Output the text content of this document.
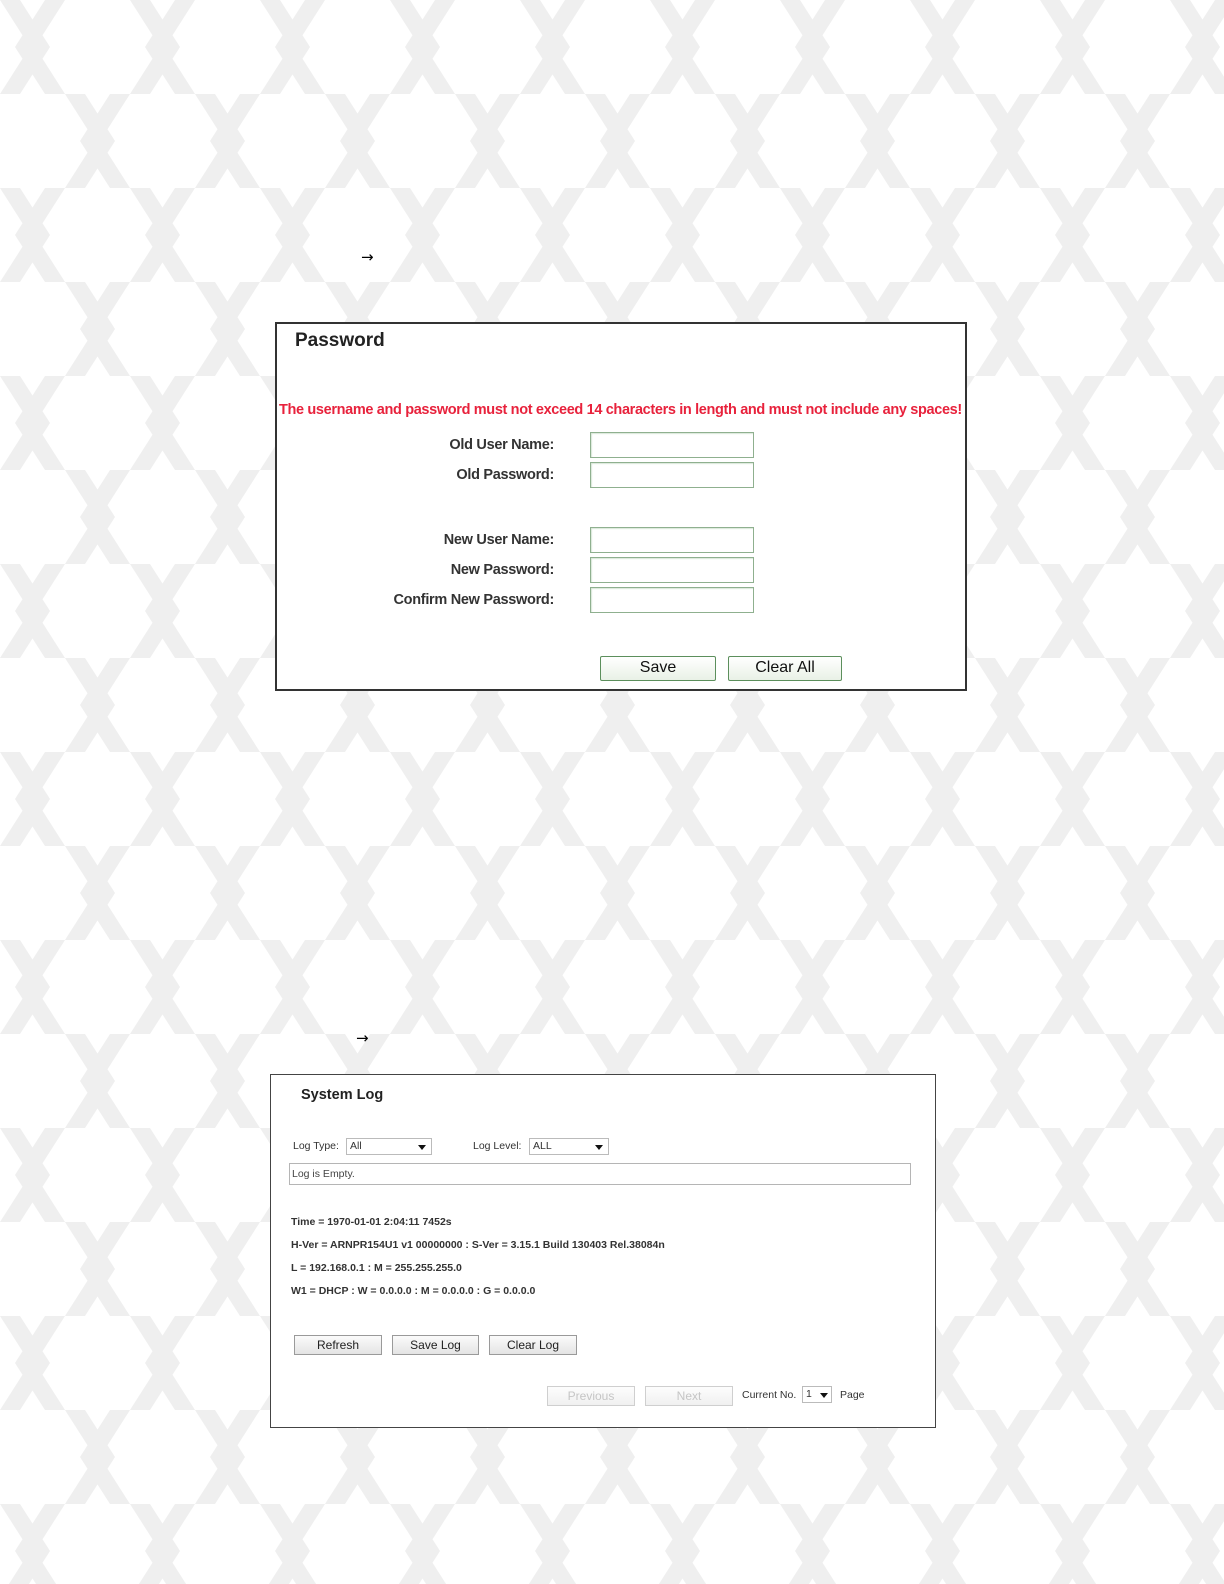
→
Password
The username and password must not exceed 14 characters in length and must not include any spaces!
Old User Name:
Old Password:
New User Name:
New Password:
Confirm New Password:
Save	Clear All
→
System Log
Log Type:	All	Log Level:	ALL
Log is Empty.
Time = 1970-01-01 2:04:11 7452s
H-Ver = ARNPR154U1 v1 00000000 : S-Ver = 3.15.1 Build 130403 Rel.38084n
L = 192.168.0.1 : M = 255.255.255.0
W1 = DHCP : W = 0.0.0.0 : M = 0.0.0.0 : G = 0.0.0.0
Refresh	Save Log	Clear Log
Previous	Next	Current No. 1	Page
